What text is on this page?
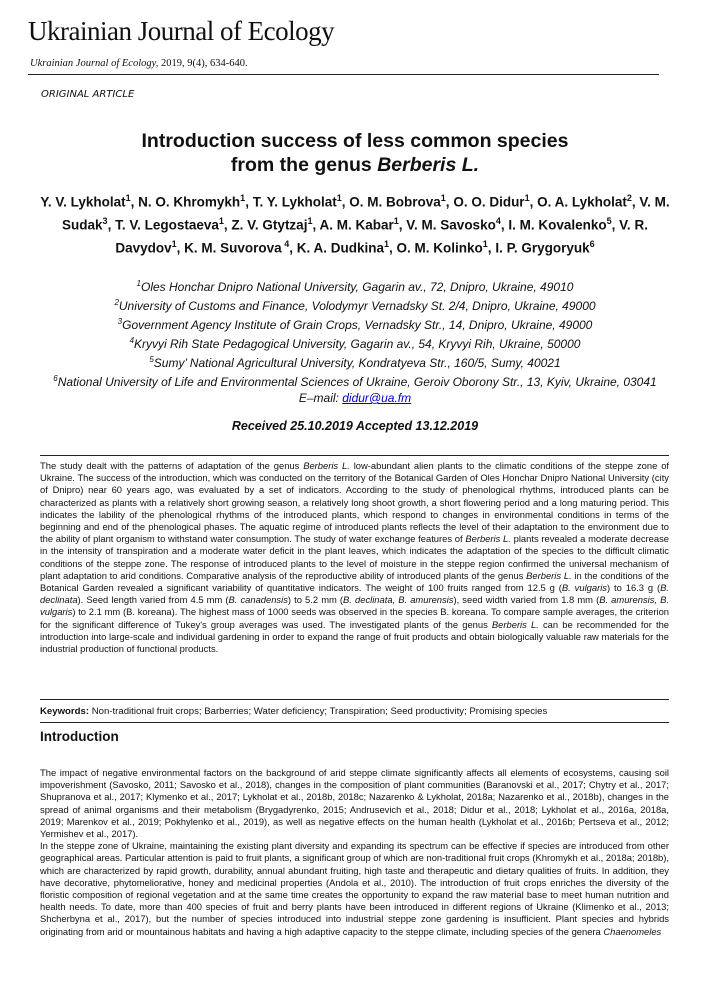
Ukrainian Journal of Ecology
Ukrainian Journal of Ecology, 2019, 9(4), 634-640.
ORIGINAL ARTICLE
Introduction success of less common species
from the genus Berberis L.
Y. V. Lykholat$^1$, N. O. Khromykh$^1$, T. Y. Lykholat$^1$, O. M. Bobrova$^1$, O. O. Didur$^1$, O. A. Lykholat$^2$, V. M. Sudak$^3$, T. V. Legostaeva$^1$, Z. V. Gtytzaj$^1$, A. M. Kabar$^1$, V. M. Savosko$^4$, I. M. Kovalenko$^5$, V. R. Davydov$^1$, K. M. Suvorova $^4$, K. A. Dudkina$^1$, O. M. Kolinko$^1$, I. P. Grygoryuk$^6$
$^1$Oles Honchar Dnipro National University, Gagarin av., 72, Dnipro, Ukraine, 49010
$^2$University of Customs and Finance, Volodymyr Vernadsky St. 2/4, Dnipro, Ukraine, 49000
$^3$Government Agency Institute of Grain Crops, Vernadsky Str., 14, Dnipro, Ukraine, 49000
$^4$Kryvyi Rih State Pedagogical University, Gagarin av., 54, Kryvyi Rih, Ukraine, 50000
$^5$Sumy’ National Agricultural University, Kondratyeva Str., 160/5, Sumy, 40021
$^6$National University of Life and Environmental Sciences of Ukraine, Geroiv Oborony Str., 13, Kyiv, Ukraine, 03041
E–mail: didur@ua.fm
Received 25.10.2019 Accepted 13.12.2019
The study dealt with the patterns of adaptation of the genus Berberis L. low-abundant alien plants to the climatic conditions of the steppe zone of Ukraine. The success of the introduction, which was conducted on the territory of the Botanical Garden of Oles Honchar Dnipro National University (city of Dnipro) near 60 years ago, was evaluated by a set of indicators. According to the study of phenological rhythms, introduced plants can be characterized as plants with a relatively short growing season, a relatively long shoot growth, a short flowering period and a long maturing period. This indicates the lability of the phenological rhythms of the introduced plants, which respond to changes in environmental conditions in terms of the beginning and end of the phenological phases. The aquatic regime of introduced plants reflects the level of their adaptation to the environment due to the ability of plant organism to withstand water consumption. The study of water exchange features of Berberis L. plants revealed a moderate decrease in the intensity of transpiration and a moderate water deficit in the plant leaves, which indicates the adaptation of the species to the difficult climatic conditions of the steppe zone. The response of introduced plants to the level of moisture in the steppe region confirmed the universal mechanism of plant adaptation to arid conditions. Comparative analysis of the reproductive ability of introduced plants of the genus Berberis L. in the conditions of the Botanical Garden revealed a significant variability of quantitative indicators. The weight of 100 fruits ranged from 12.5 g (B. vulgaris) to 16.3 g (B. declinata). Seed length varied from 4.5 mm (B. canadensis) to 5.2 mm (B. declinata, B. amurensis), seed width varied from 1.8 mm (B. amurensis, B. vulgaris) to 2.1 mm (B. koreana). The highest mass of 1000 seeds was observed in the species B. koreana. To compare sample averages, the criterion for the significant difference of Tukey's group averages was used. The investigated plants of the genus Berberis L. can be recommended for the introduction into large-scale and individual gardening in order to expand the range of fruit products and obtain biologically valuable raw materials for the industrial production of functional products.
Keywords: Non-traditional fruit crops; Barberries; Water deficiency; Transpiration; Seed productivity; Promising species
Introduction

The impact of negative environmental factors on the background of arid steppe climate significantly affects all elements of ecosystems, causing soil impoverishment (Savosko, 2011; Savosko et al., 2018), changes in the composition of plant communities (Baranovski et al., 2017; Chytry et al., 2017; Shupranova et al., 2017; Klymenko et al., 2017; Lykholat et al., 2018b, 2018c; Nazarenko & Lykholat, 2018a; Nazarenko et al., 2018b), changes in the spread of animal organisms and their metabolism (Brygadyrenko, 2015; Andrusevich et al., 2018; Didur et al., 2018; Lykholat et al., 2016a, 2018a, 2019; Marenkov et al., 2019; Pokhylenko et al., 2019), as well as negative effects on the human health (Lykholat et al., 2016b; Pertseva et al., 2012; Yermishev et al., 2017).

In the steppe zone of Ukraine, maintaining the existing plant diversity and expanding its spectrum can be effective if species are introduced from other geographical areas. Particular attention is paid to fruit plants, a significant group of which are non-traditional fruit crops (Khromykh et al., 2018a; 2018b), which are characterized by rapid growth, durability, annual abundant fruiting, high taste and therapeutic and dietary qualities of fruits. In addition, they have decorative, phytomeliorative, honey and medicinal properties (Andola et al., 2010). The introduction of fruit crops enriches the diversity of the floristic composition of regional vegetation and at the same time creates the opportunity to expand the raw material base to meet human nutrition and health needs. To date, more than 400 species of fruit and berry plants have been introduced in different regions of Ukraine (Klimenko et al., 2013; Shcherbyna et al., 2017), but the number of species introduced into industrial steppe zone gardening is insufficient. Plant species and hybrids originating from arid or mountainous habitats and having a high adaptive capacity to the steppe climate, including species of the genera Chaenomeles
